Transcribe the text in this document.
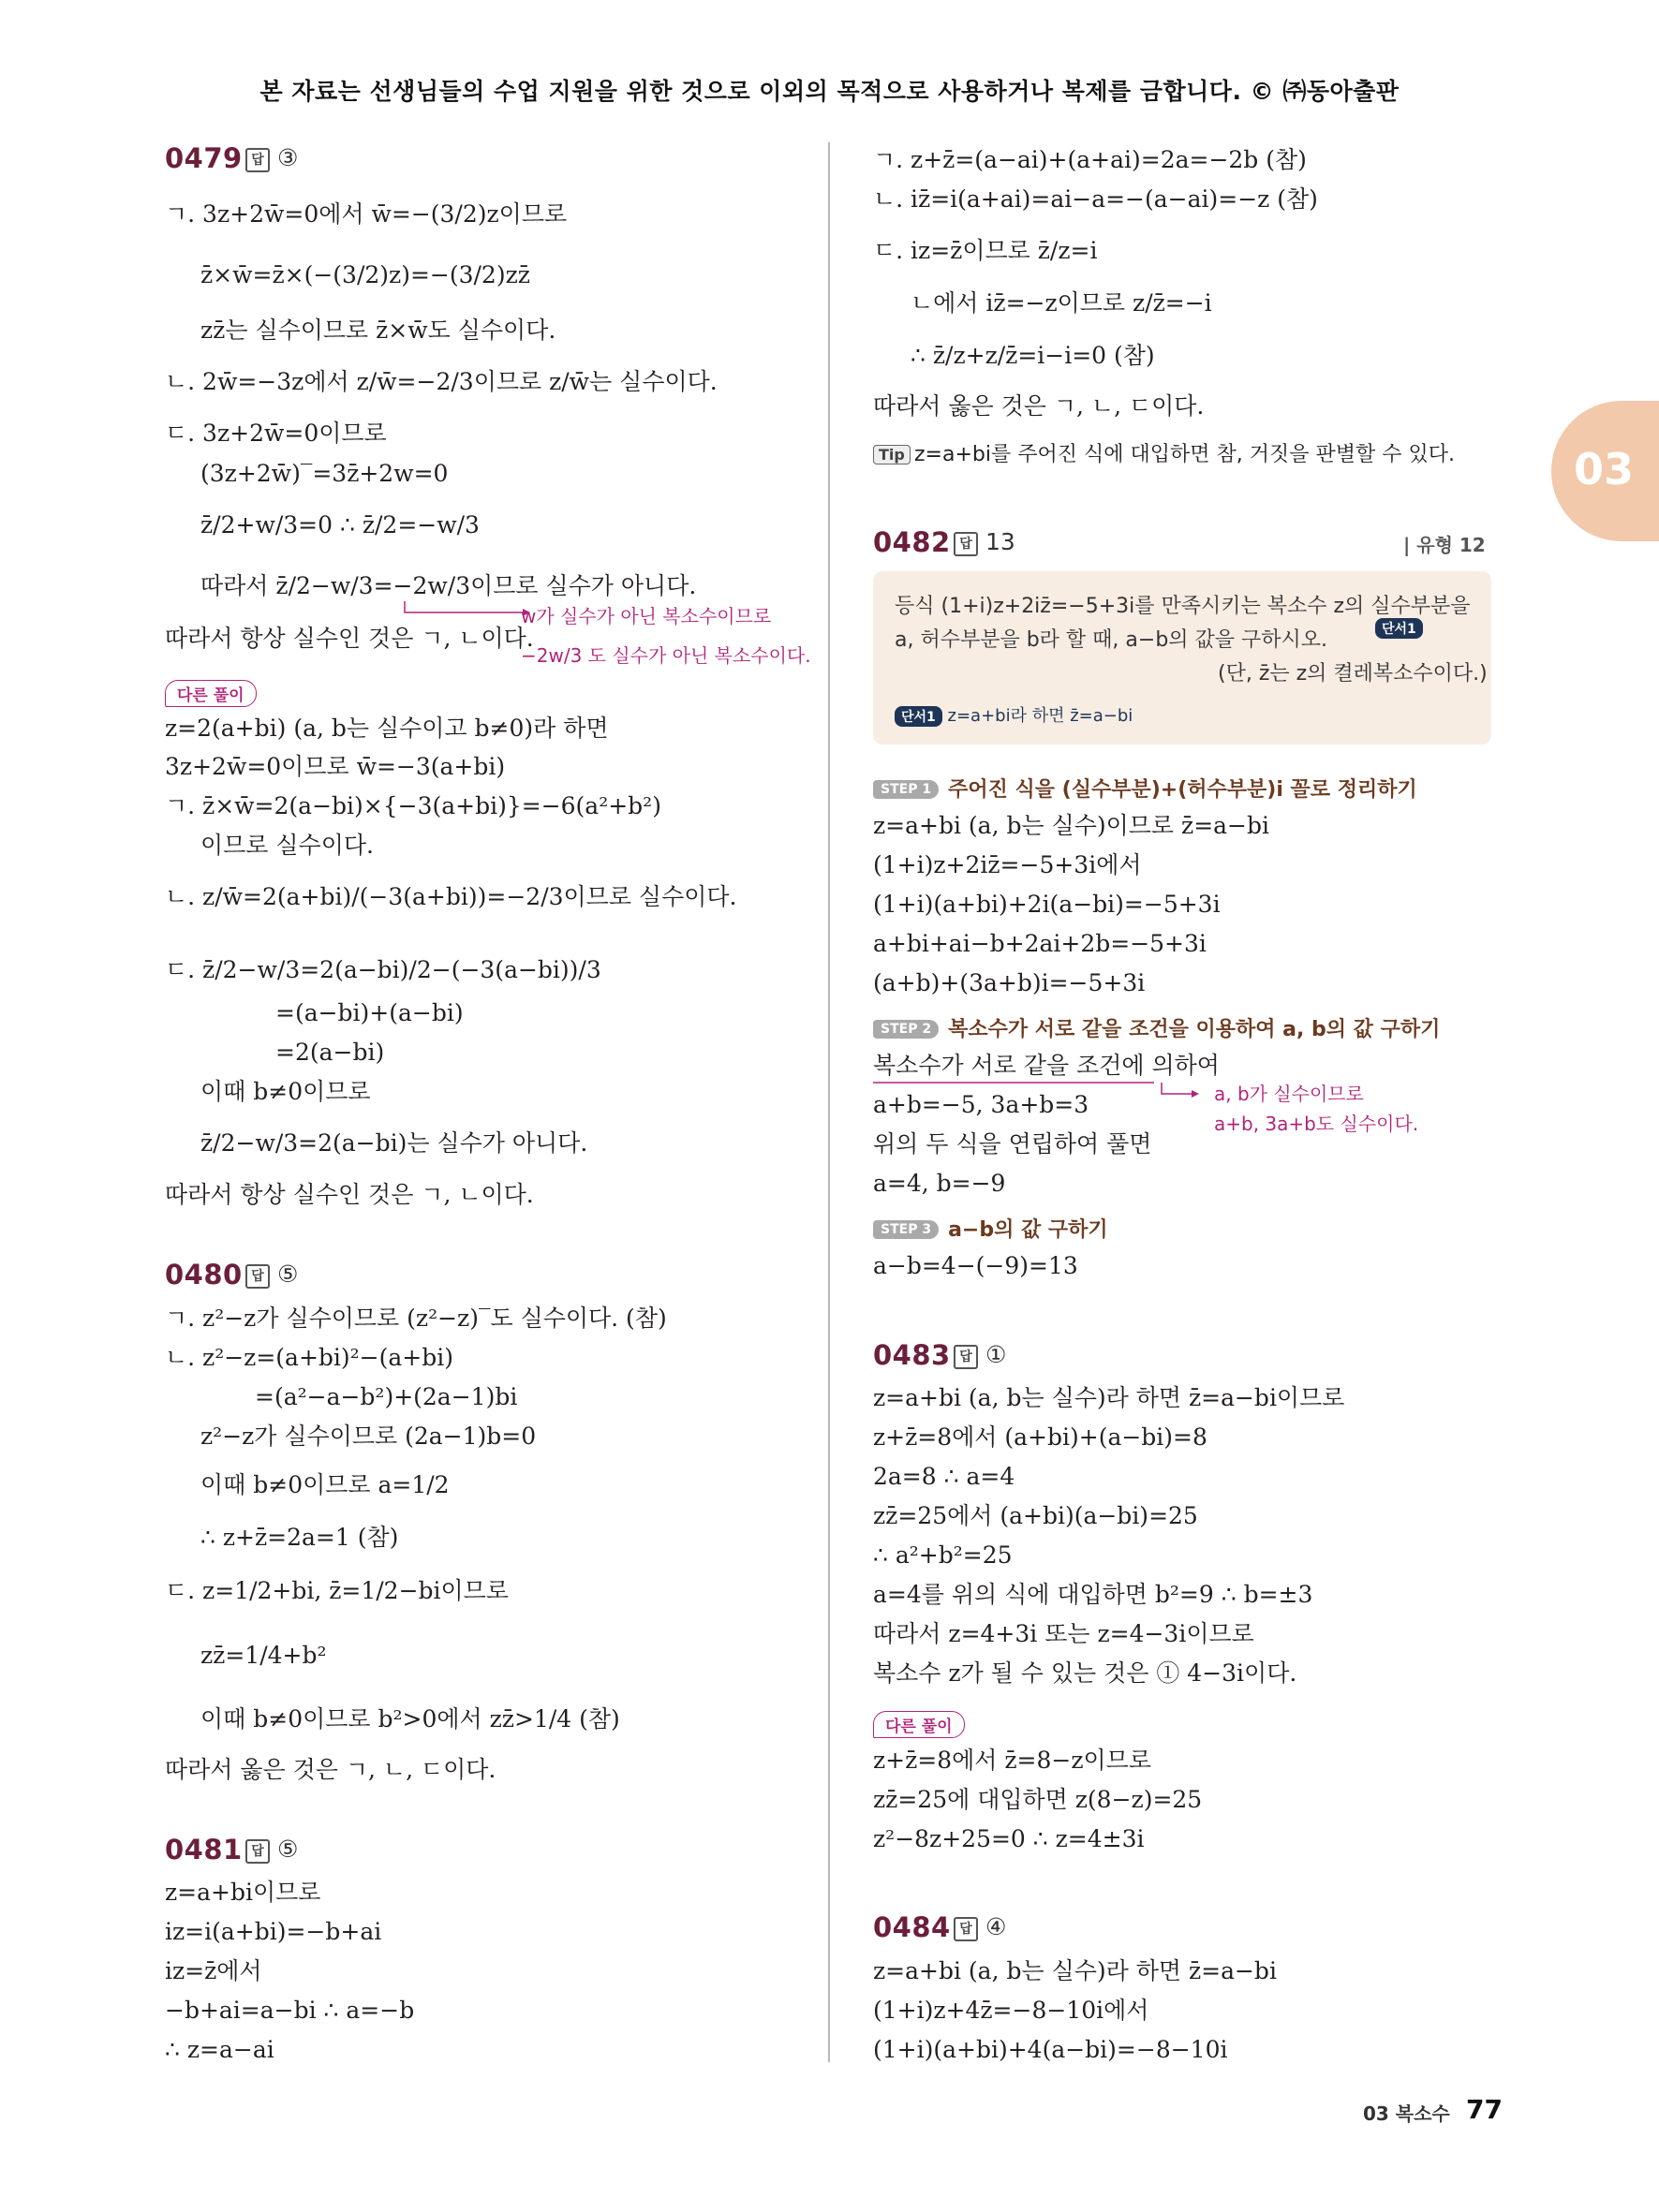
본 자료는 선생님들의 수업 지원을 위한 것으로 이외의 목적으로 사용하거나 복제를 금합니다. © ㈜동아출판
03
0479 답 ③
ㄱ. 3z+2w̄=0에서 w̄=−(3/2)z이므로
z̄×w̄=z̄×(−(3/2)z)=−(3/2)zz̄
zz̄는 실수이므로 z̄×w̄도 실수이다.
ㄴ. 2w̄=−3z에서 z/w̄=−2/3이므로 z/w̄는 실수이다.
ㄷ. 3z+2w̄=0이므로
(3z+2w̄)‾=3z̄+2w=0
z̄/2+w/3=0 ∴ z̄/2=−w/3
따라서 z̄/2−w/3=−2w/3이므로 실수가 아니다.
따라서 항상 실수인 것은 ㄱ, ㄴ이다.
w가 실수가 아닌 복소수이므로
−2w/3 도 실수가 아닌 복소수이다.
다른 풀이
z=2(a+bi) (a, b는 실수이고 b≠0)라 하면
3z+2w̄=0이므로 w̄=−3(a+bi)
ㄱ. z̄×w̄=2(a−bi)×{−3(a+bi)}=−6(a²+b²)
이므로 실수이다.
ㄴ. z/w̄=2(a+bi)/(−3(a+bi))=−2/3이므로 실수이다.
ㄷ. z̄/2−w/3=2(a−bi)/2−(−3(a−bi))/3
=(a−bi)+(a−bi)
=2(a−bi)
이때 b≠0이므로
z̄/2−w/3=2(a−bi)는 실수가 아니다.
따라서 항상 실수인 것은 ㄱ, ㄴ이다.
0480 답 ⑤
ㄱ. z²−z가 실수이므로 (z²−z)‾도 실수이다. (참)
ㄴ. z²−z=(a+bi)²−(a+bi)
=(a²−a−b²)+(2a−1)bi
z²−z가 실수이므로 (2a−1)b=0
이때 b≠0이므로 a=1/2
∴ z+z̄=2a=1 (참)
ㄷ. z=1/2+bi, z̄=1/2−bi이므로
zz̄=1/4+b²
이때 b≠0이므로 b²>0에서 zz̄>1/4 (참)
따라서 옳은 것은 ㄱ, ㄴ, ㄷ이다.
0481 답 ⑤
z=a+bi이므로
iz=i(a+bi)=−b+ai
iz=z̄에서
−b+ai=a−bi ∴ a=−b
∴ z=a−ai
ㄱ. z+z̄=(a−ai)+(a+ai)=2a=−2b (참)
ㄴ. iz̄=i(a+ai)=ai−a=−(a−ai)=−z (참)
ㄷ. iz=z̄이므로 z̄/z=i
ㄴ에서 iz̄=−z이므로 z/z̄=−i
∴ z̄/z+z/z̄=i−i=0 (참)
따라서 옳은 것은 ㄱ, ㄴ, ㄷ이다.
Tip z=a+bi를 주어진 식에 대입하면 참, 거짓을 판별할 수 있다.
0482 답 13	| 유형 12
등식 (1+i)z+2iz̄=−5+3i를 만족시키는 복소수 z의 실수부분을
a, 허수부분을 b라 할 때, a−b의 값을 구하시오.	단서1
(단, z̄는 z의 켤레복소수이다.)
단서1 z=a+bi라 하면 z̄=a−bi
STEP 1 주어진 식을 (실수부분)+(허수부분)i 꼴로 정리하기
z=a+bi (a, b는 실수)이므로 z̄=a−bi
(1+i)z+2iz̄=−5+3i에서
(1+i)(a+bi)+2i(a−bi)=−5+3i
a+bi+ai−b+2ai+2b=−5+3i
(a+b)+(3a+b)i=−5+3i
STEP 2 복소수가 서로 같을 조건을 이용하여 a, b의 값 구하기
복소수가 서로 같을 조건에 의하여
a+b=−5, 3a+b=3
위의 두 식을 연립하여 풀면
a=4, b=−9
a, b가 실수이므로
a+b, 3a+b도 실수이다.
STEP 3 a−b의 값 구하기
a−b=4−(−9)=13
0483 답 ①
z=a+bi (a, b는 실수)라 하면 z̄=a−bi이므로
z+z̄=8에서 (a+bi)+(a−bi)=8
2a=8 ∴ a=4
zz̄=25에서 (a+bi)(a−bi)=25
∴ a²+b²=25
a=4를 위의 식에 대입하면 b²=9 ∴ b=±3
따라서 z=4+3i 또는 z=4−3i이므로
복소수 z가 될 수 있는 것은 ① 4−3i이다.
다른 풀이
z+z̄=8에서 z̄=8−z이므로
zz̄=25에 대입하면 z(8−z)=25
z²−8z+25=0 ∴ z=4±3i
0484 답 ④
z=a+bi (a, b는 실수)라 하면 z̄=a−bi
(1+i)z+4z̄=−8−10i에서
(1+i)(a+bi)+4(a−bi)=−8−10i
03 복소수 77
